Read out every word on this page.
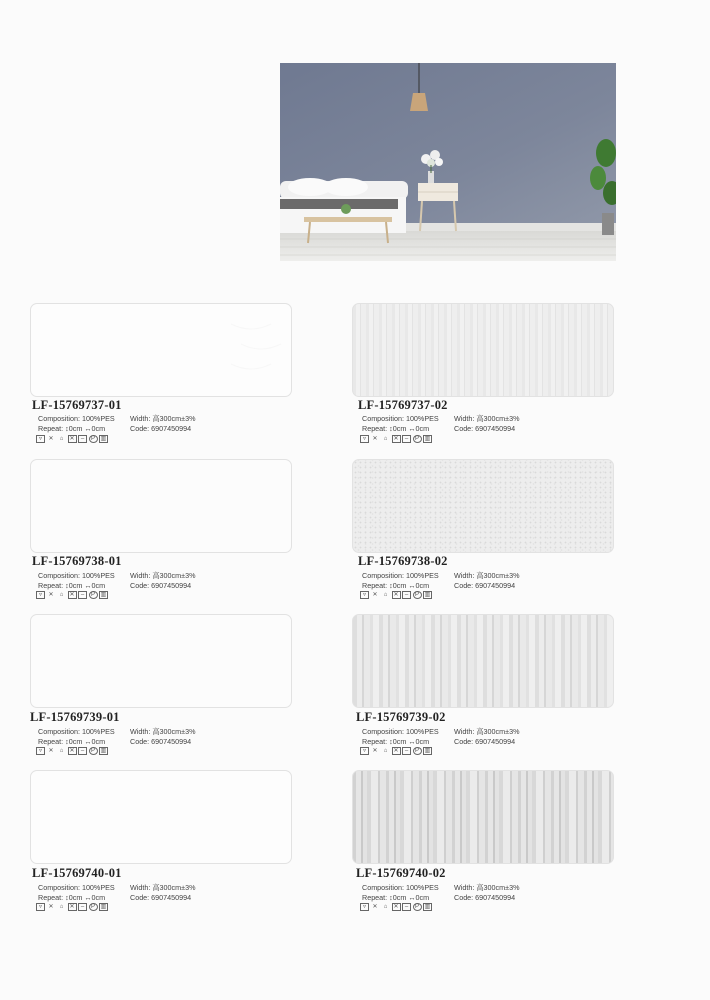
LF-15769737-01
Composition: 100%PES
Repeat: ↕0cm ↔0cm
Width: 高300cm±3%
Code: 6907450994
▿	✕	⌂	✕	–	P ▥
LF-15769737-02
Composition: 100%PES
Repeat: ↕0cm ↔0cm
Width: 高300cm±3%
Code: 6907450994
▿	✕	⌂	✕	–	P ▥
LF-15769738-01
Composition: 100%PES
Repeat: ↕0cm ↔0cm
Width: 高300cm±3%
Code: 6907450994
▿	✕	⌂	✕	–	P ▥
LF-15769738-02
Composition: 100%PES
Repeat: ↕0cm ↔0cm
Width: 高300cm±3%
Code: 6907450994
▿	✕	⌂	✕	–	P ▥
LF-15769739-01
Composition: 100%PES
Repeat: ↕0cm ↔0cm
Width: 高300cm±3%
Code: 6907450994
▿	✕	⌂	✕	–	P ▥
LF-15769739-02
Composition: 100%PES
Repeat: ↕0cm ↔0cm
Width: 高300cm±3%
Code: 6907450994
▿	✕	⌂	✕	–	P ▥
LF-15769740-01
Composition: 100%PES
Repeat: ↕0cm ↔0cm
Width: 高300cm±3%
Code: 6907450994
▿	✕	⌂	✕	–	P ▥
LF-15769740-02
Composition: 100%PES
Repeat: ↕0cm ↔0cm
Width: 高300cm±3%
Code: 6907450994
▿	✕	⌂	✕	–	P ▥
